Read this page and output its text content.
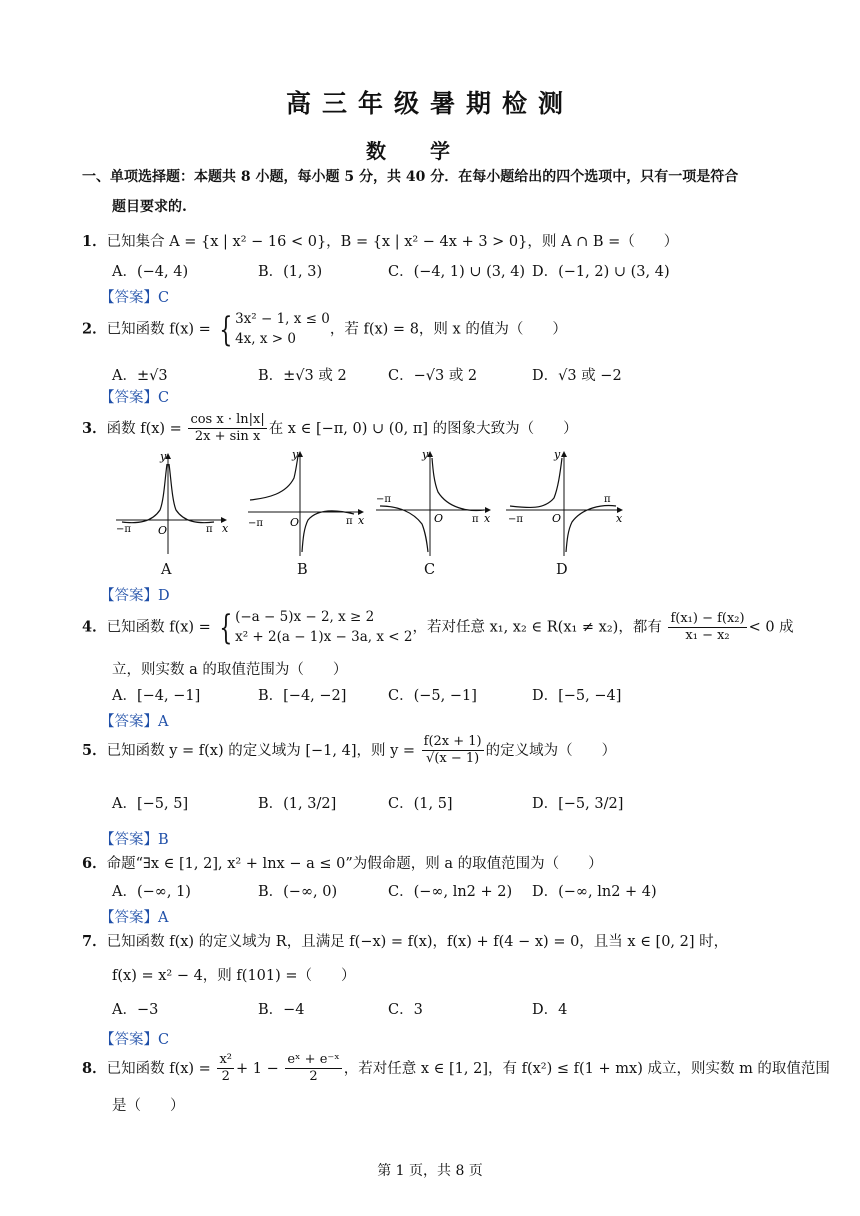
高三年级暑期检测
数学
一、单项选择题：本题共 8 小题，每小题 5 分，共 40 分．在每小题给出的四个选项中，只有一项是符合
题目要求的.
1．已知集合 A = {x | x² − 16 < 0}，B = {x | x² − 4x + 3 > 0}，则 A ∩ B =（　　）
A．(−4, 4)	B．(1, 3)	C．(−4, 1) ∪ (3, 4) D．(−1, 2) ∪ (3, 4)
【答案】C
2．已知函数 f(x) = { 3x² − 1, x ≤ 0
4x, x > 0
，若 f(x) = 8，则 x 的值为（　　）
A．±√3	B．±√3 或 2	C．−√3 或 2	D．√3 或 −2
【答案】C
3．函数 $f(x) = \frac{\text{cos x · ln|x|}}{\text{2x + sin x}}$ 在 x ∈ [−π, 0) ∪ (0, π] 的图象大致为（　　）
y
x
O
−π	π
y
x
O
−π	π
y
x
O
−π
π
y
x
O
−π
π
A	B	C	D
【答案】D
4．已知函数 f(x) = { (−a − 5)x − 2, x ≥ 2
x² + 2(a − 1)x − 3a, x < 2
，若对任意 x₁, x₂ ∈ R(x₁ ≠ x₂)，都有 $\frac{\text{f(x₁) − f(x₂)}}{\text{x₁ − x₂}} < 0$ 成
立，则实数 a 的取值范围为（　　）
A．[−4, −1]	B．[−4, −2]	C．(−5, −1]	D．[−5, −4]
【答案】A
5．已知函数 y = f(x) 的定义域为 [−1, 4]，则 $y = \frac{f(2x + 1)}{√(x - 1)}$ 的定义域为（　　）
A．[−5, 5]	B．(1, 3/2]	C．(1, 5]	D．[−5, 3/2]
【答案】B
6．命题“∃x ∈ [1, 2], x² + lnx − a ≤ 0”为假命题，则 a 的取值范围为（　　）
A．(−∞, 1)	B．(−∞, 0)	C．(−∞, ln2 + 2) D．(−∞, ln2 + 4)
【答案】A
7．已知函数 f(x) 的定义域为 R，且满足 f(−x) = f(x)，f(x) + f(4 − x) = 0，且当 x ∈ [0, 2] 时，
f(x) = x² − 4，则 f(101) =（　　）
A．−3	B．−4	C．3	D．4
【答案】C
8．已知函数 $f(x) = \frac{\text{x²}}{2} + 1 - \frac{\text{eˣ + e⁻ˣ}}{2}$ ，若对任意 x ∈ [1, 2]，有 f(x²) ≤ f(1 + mx) 成立，则实数 m 的取值范围
是（　　）
第 1 页，共 8 页
